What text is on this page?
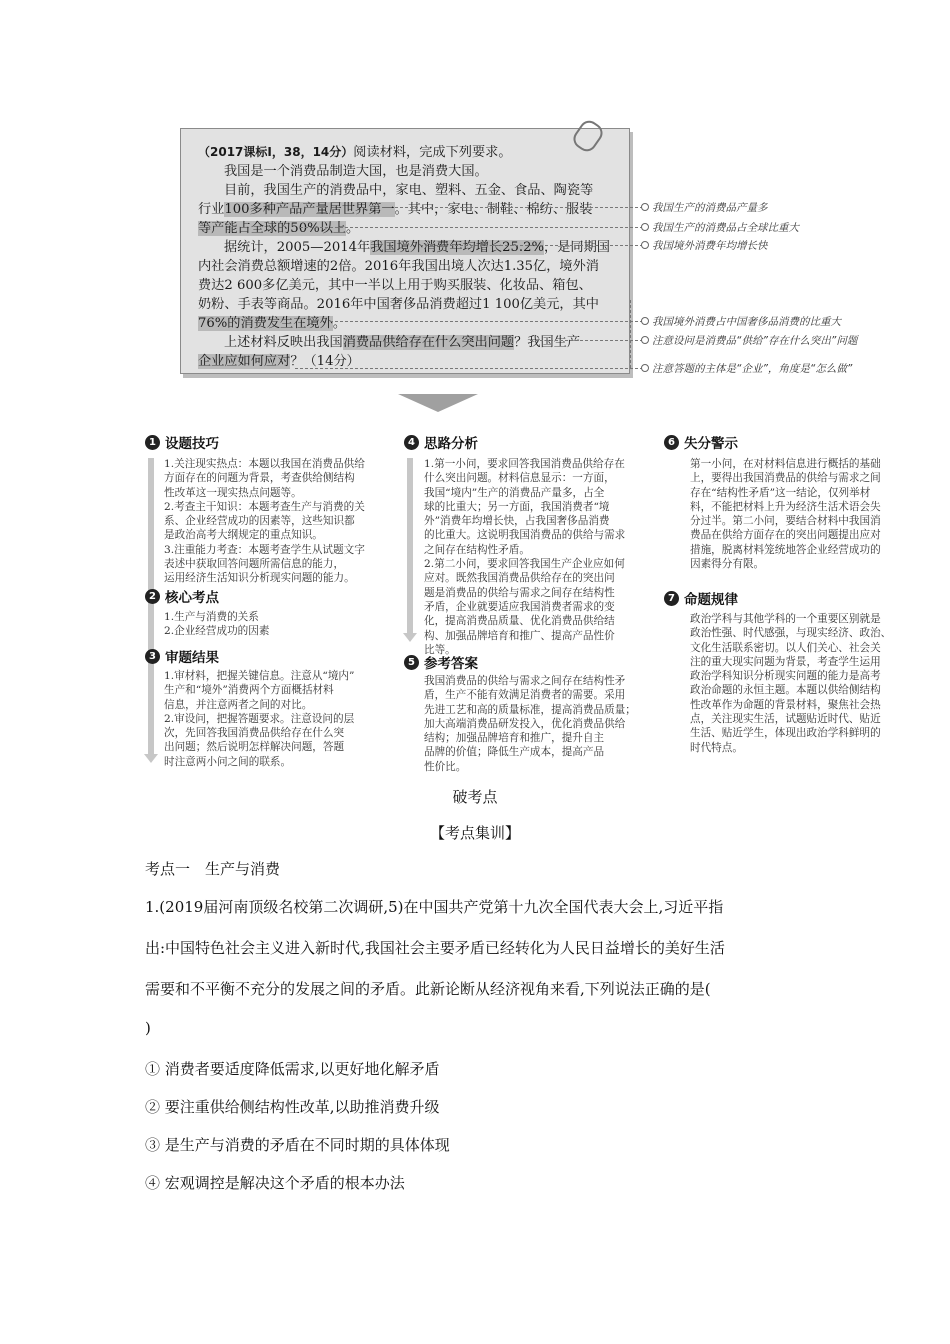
（2017课标Ⅰ，38，14分）阅读材料，完成下列要求。
我国是一个消费品制造大国，也是消费大国。
目前，我国生产的消费品中，家电、塑料、五金、食品、陶瓷等
行业100多种产品产量居世界第一。其中，家电、制鞋、棉纺、服装
等产能占全球的50%以上。
据统计，2005—2014年我国境外消费年均增长25.2%，是同期国
内社会消费总额增速的2倍。2016年我国出境人次达1.35亿，境外消
费达2 600多亿美元，其中一半以上用于购买服装、化妆品、箱包、
奶粉、手表等商品。2016年中国奢侈品消费超过1 100亿美元，其中
76%的消费发生在境外。
上述材料反映出我国消费品供给存在什么突出问题？我国生产
企业应如何应对？（14分）
我国生产的消费品产量多
我国生产的消费品占全球比重大
我国境外消费年均增长快
我国境外消费占中国奢侈品消费的比重大
注意设问是消费品“供给”存在什么突出”问题
注意答题的主体是“企业”，角度是“怎么做”
1 设题技巧
1.关注现实热点：本题以我国在消费品供给
方面存在的问题为背景，考查供给侧结构
性改革这一现实热点问题等。
2.考查主干知识：本题考查生产与消费的关
系、企业经营成功的因素等，这些知识都
是政治高考大纲规定的重点知识。
3.注重能力考查：本题考查学生从试题文字
表述中获取回答问题所需信息的能力，
运用经济生活知识分析现实问题的能力。
2 核心考点
1.生产与消费的关系
2.企业经营成功的因素
3 审题结果
1.审材料，把握关键信息。注意从“境内”
生产和“境外”消费两个方面概括材料
信息，并注意两者之间的对比。
2.审设问，把握答题要求。注意设问的层
次，先回答我国消费品供给存在什么突
出问题；然后说明怎样解决问题，答题
时注意两小问之间的联系。
4 思路分析
1.第一小问，要求回答我国消费品供给存在
什么突出问题。材料信息显示：一方面，
我国“境内”生产的消费品产量多，占全
球的比重大；另一方面，我国消费者“境
外”消费年均增长快，占我国奢侈品消费
的比重大。这说明我国消费品的供给与需求
之间存在结构性矛盾。
2.第二小问，要求回答我国生产企业应如何
应对。既然我国消费品供给存在的突出问
题是消费品的供给与需求之间存在结构性
矛盾，企业就要适应我国消费者需求的变
化，提高消费品质量、优化消费品供给结
构、加强品牌培育和推广、提高产品性价
比等。
5 参考答案
我国消费品的供给与需求之间存在结构性矛
盾，生产不能有效满足消费者的需要。采用
先进工艺和高的质量标准，提高消费品质量；
加大高端消费品研发投入，优化消费品供给
结构；加强品牌培育和推广，提升自主
品牌的价值；降低生产成本，提高产品
性价比。
6 失分警示
第一小问，在对材料信息进行概括的基础
上，要得出我国消费品的供给与需求之间
存在“结构性矛盾”这一结论，仅列举材
料，不能把材料上升为经济生活术语会失
分过半。第二小问，要结合材料中我国消
费品在供给方面存在的突出问题提出应对
措施，脱离材料笼统地答企业经营成功的
因素得分有限。
7 命题规律
政治学科与其他学科的一个重要区别就是
政治性强、时代感强，与现实经济、政治、
文化生活联系密切。以人们关心、社会关
注的重大现实问题为背景，考查学生运用
政治学科知识分析现实问题的能力是高考
政治命题的永恒主题。本题以供给侧结构
性改革作为命题的背景材料，聚焦社会热
点，关注现实生活，试题贴近时代、贴近
生活、贴近学生，体现出政治学科鲜明的
时代特点。
破考点
【考点集训】
考点一　生产与消费
1.(2019届河南顶级名校第二次调研,5)在中国共产党第十九次全国代表大会上,习近平指
出:中国特色社会主义进入新时代,我国社会主要矛盾已经转化为人民日益增长的美好生活
需要和不平衡不充分的发展之间的矛盾。此新论断从经济视角来看,下列说法正确的是(
)
① 消费者要适度降低需求,以更好地化解矛盾
② 要注重供给侧结构性改革,以助推消费升级
③ 是生产与消费的矛盾在不同时期的具体体现
④ 宏观调控是解决这个矛盾的根本办法
